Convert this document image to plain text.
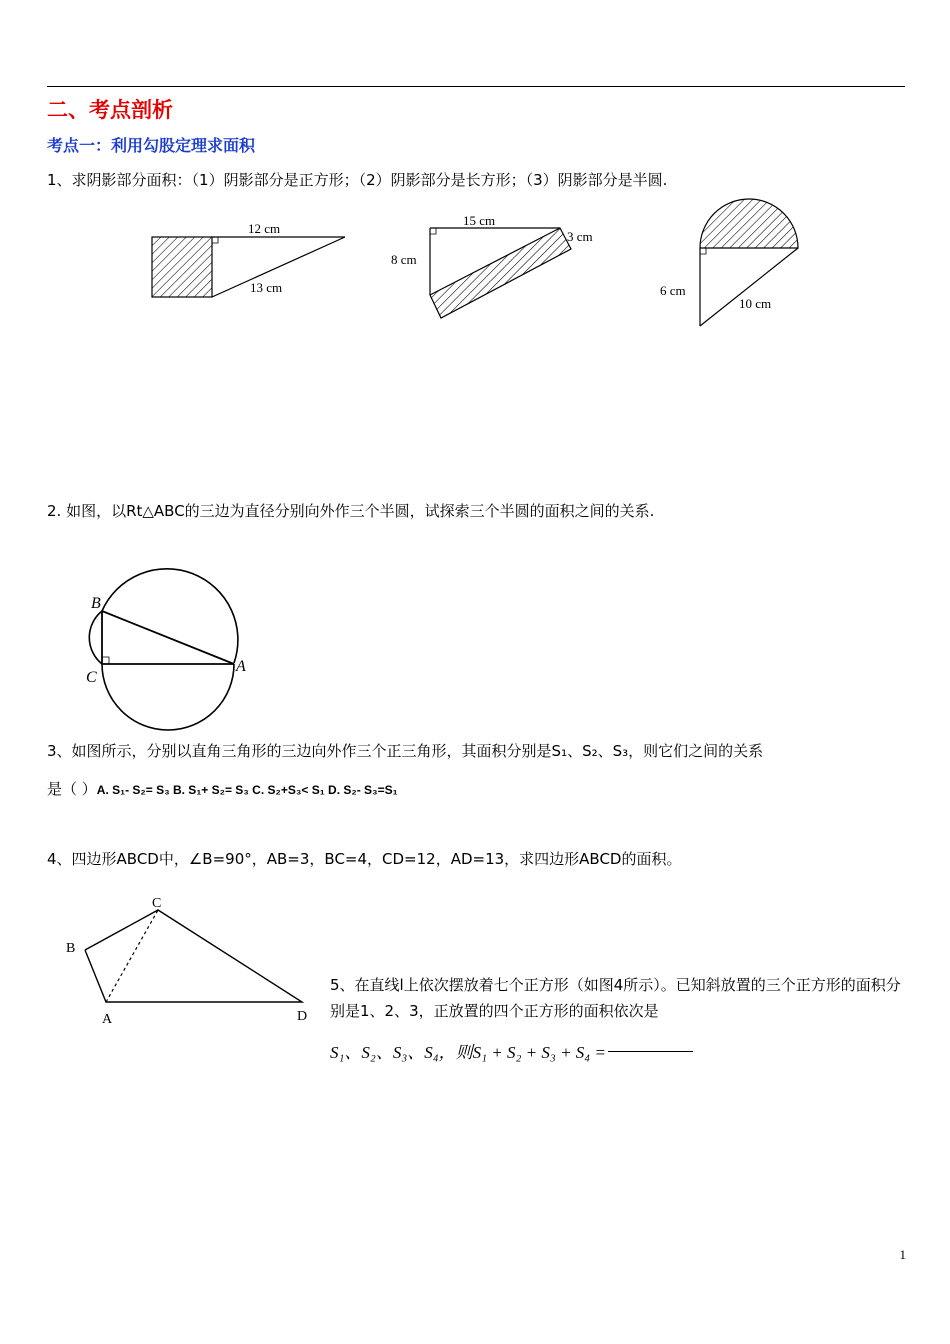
二、考点剖析
考点一：利用勾股定理求面积
1、求阴影部分面积：（1）阴影部分是正方形；（2）阴影部分是长方形；（3）阴影部分是半圆.
12 cm
13 cm
15 cm
8 cm
3 cm
6 cm
10 cm
2. 如图，以Rt△ABC的三边为直径分别向外作三个半圆，试探索三个半圆的面积之间的关系.
B
C
A
3、如图所示，分别以直角三角形的三边向外作三个正三角形，其面积分别是S₁、S₂、S₃，则它们之间的关系
是（ ）A. S₁- S₂= S₃ B. S₁+ S₂= S₃ C. S₂+S₃< S₁ D. S₂- S₃=S₁
4、四边形ABCD中，∠B=90°，AB=3，BC=4，CD=12，AD=13，求四边形ABCD的面积。
B
C
A	D
5、在直线l上依次摆放着七个正方形（如图4所示）。已知斜放置的三个正方形的面积分别是1、2、3，正放置的四个正方形的面积依次是
S₁、S₂、S₃、S₄，则S₁ + S₂ + S₃ + S₄ =
1
